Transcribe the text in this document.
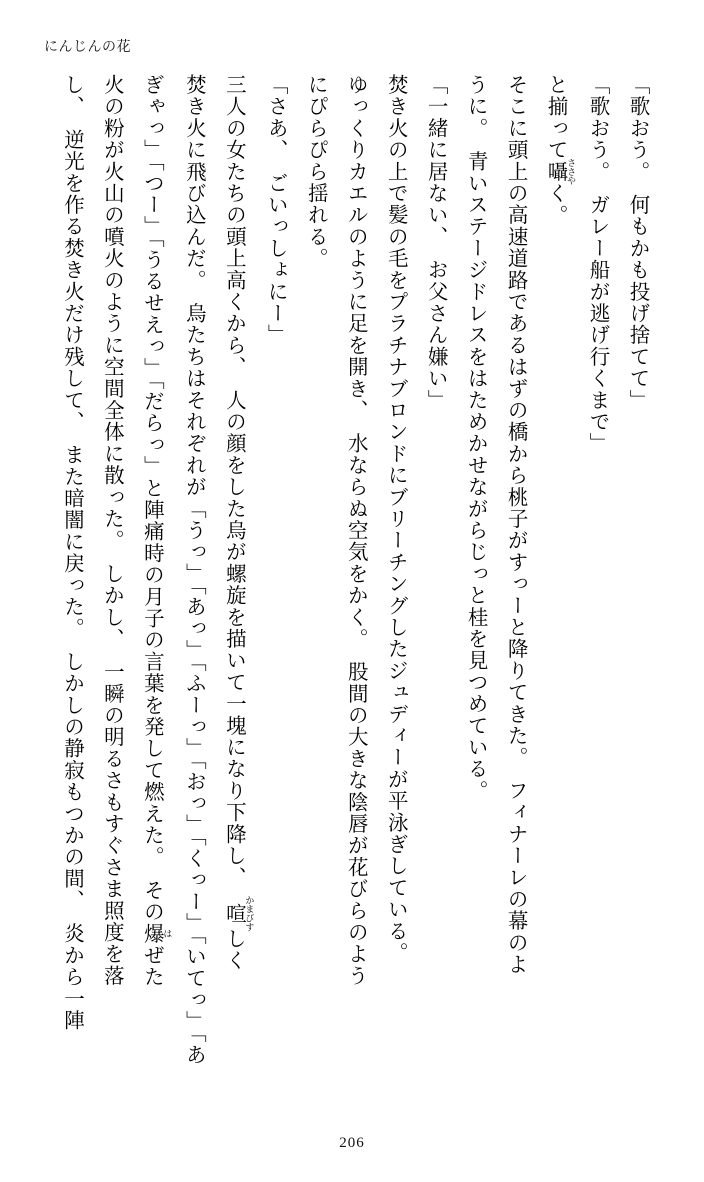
にんじんの花

「歌おう。　何もかも投げ捨てて」

「歌おう。　ガレー船が逃げ行くまで」

と揃って囁 ささやく。

そこに頭上の高速道路であるはずの橋から桃子がすっーと降りてきた。　フィナーレの幕のよ

うに。　青いステージドレスをはためかせながらじっと桂を見つめている。

「一緒に居ない、　お父さん嫌い」

焚き火の上で髪の毛をプラチナブロンドにブリーチングしたジュディーが平泳ぎしている。

ゆっくりカエルのように足を開き、　水ならぬ空気をかく。　股間の大きな陰唇が花びらのよう

にぴらぴら揺れる。

「さあ、　ごいっしょにー」

三人の女たちの頭上高くから、　人の顔をした烏が螺旋を描いて一塊になり下降し、　喧 かまびすしく

焚き火に飛び込んだ。　烏たちはそれぞれが「うっ」「あっ」「ふーっ」「おっ」「くっー」「いてっ」「あ

ぎゃっ」「つー」「うるせえっ」「だらっ」と陣痛時の月子の言葉を発して燃えた。　その爆 はぜた

火の粉が火山の噴火のように空間全体に散った。　しかし、　一瞬の明るさもすぐさま照度を落

し、　逆光を作る焚き火だけ残して、　また暗闇に戻った。　しかしの静寂もつかの間、　炎から一陣

206
